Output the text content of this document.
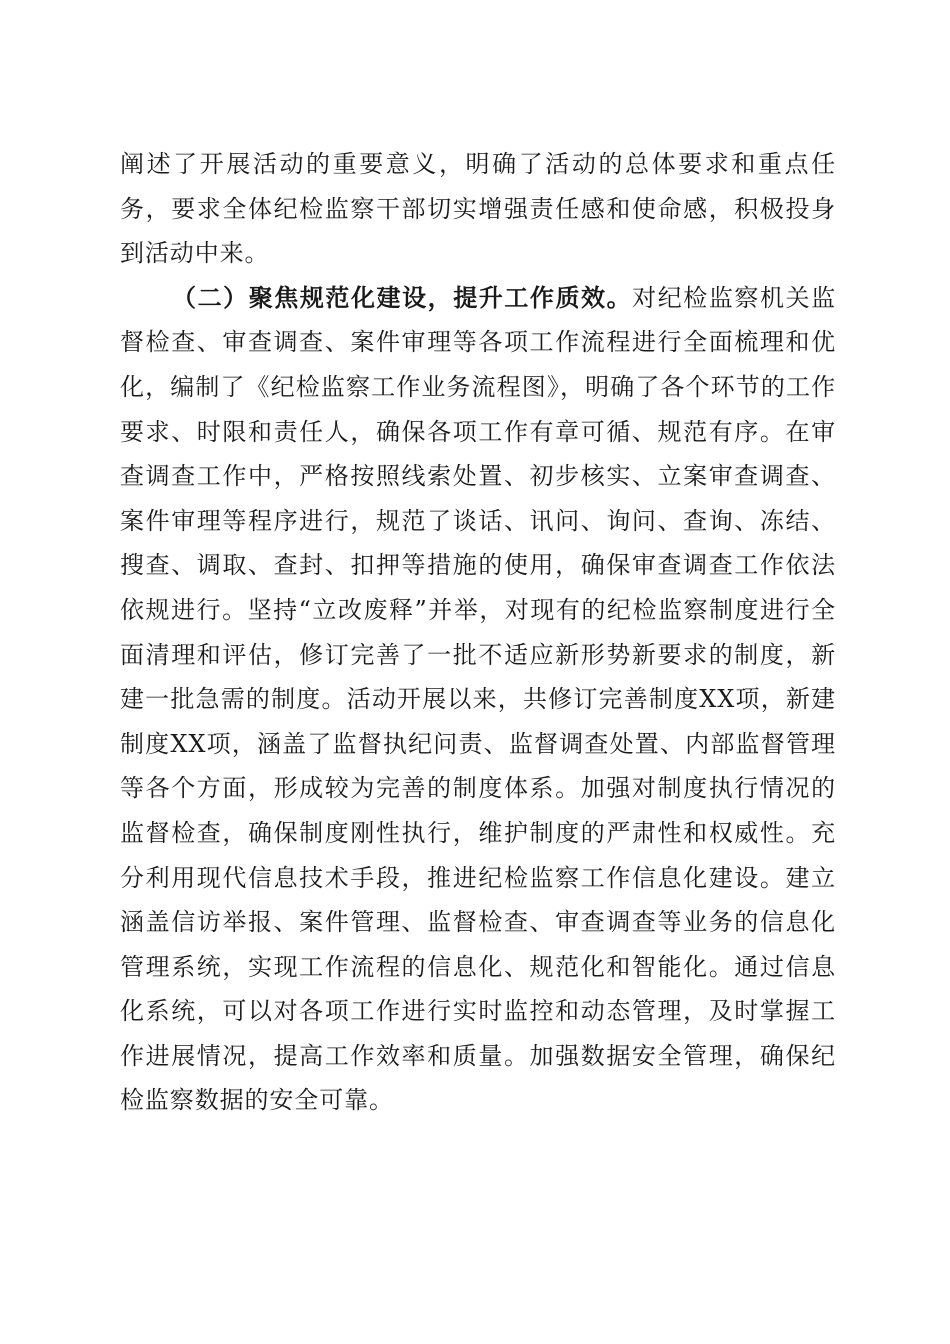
阐述了开展活动的重要意义，明确了活动的总体要求和重点任务，要求全体纪检监察干部切实增强责任感和使命感，积极投身到活动中来。

（二）聚焦规范化建设，提升工作质效。对纪检监察机关监督检查、审查调查、案件审理等各项工作流程进行全面梳理和优化，编制了《纪检监察工作业务流程图》，明确了各个环节的工作要求、时限和责任人，确保各项工作有章可循、规范有序。在审查调查工作中，严格按照线索处置、初步核实、立案审查调查、案件审理等程序进行，规范了谈话、讯问、询问、查询、冻结、搜查、调取、查封、扣押等措施的使用，确保审查调查工作依法依规进行。坚持“立改废释”并举，对现有的纪检监察制度进行全面清理和评估，修订完善了一批不适应新形势新要求的制度，新建一批急需的制度。活动开展以来，共修订完善制度XX项，新建制度XX项，涵盖了监督执纪问责、监督调查处置、内部监督管理等各个方面，形成较为完善的制度体系。加强对制度执行情况的监督检查，确保制度刚性执行，维护制度的严肃性和权威性。充分利用现代信息技术手段，推进纪检监察工作信息化建设。建立涵盖信访举报、案件管理、监督检查、审查调查等业务的信息化管理系统，实现工作流程的信息化、规范化和智能化。通过信息化系统，可以对各项工作进行实时监控和动态管理，及时掌握工作进展情况，提高工作效率和质量。加强数据安全管理，确保纪检监察数据的安全可靠。
